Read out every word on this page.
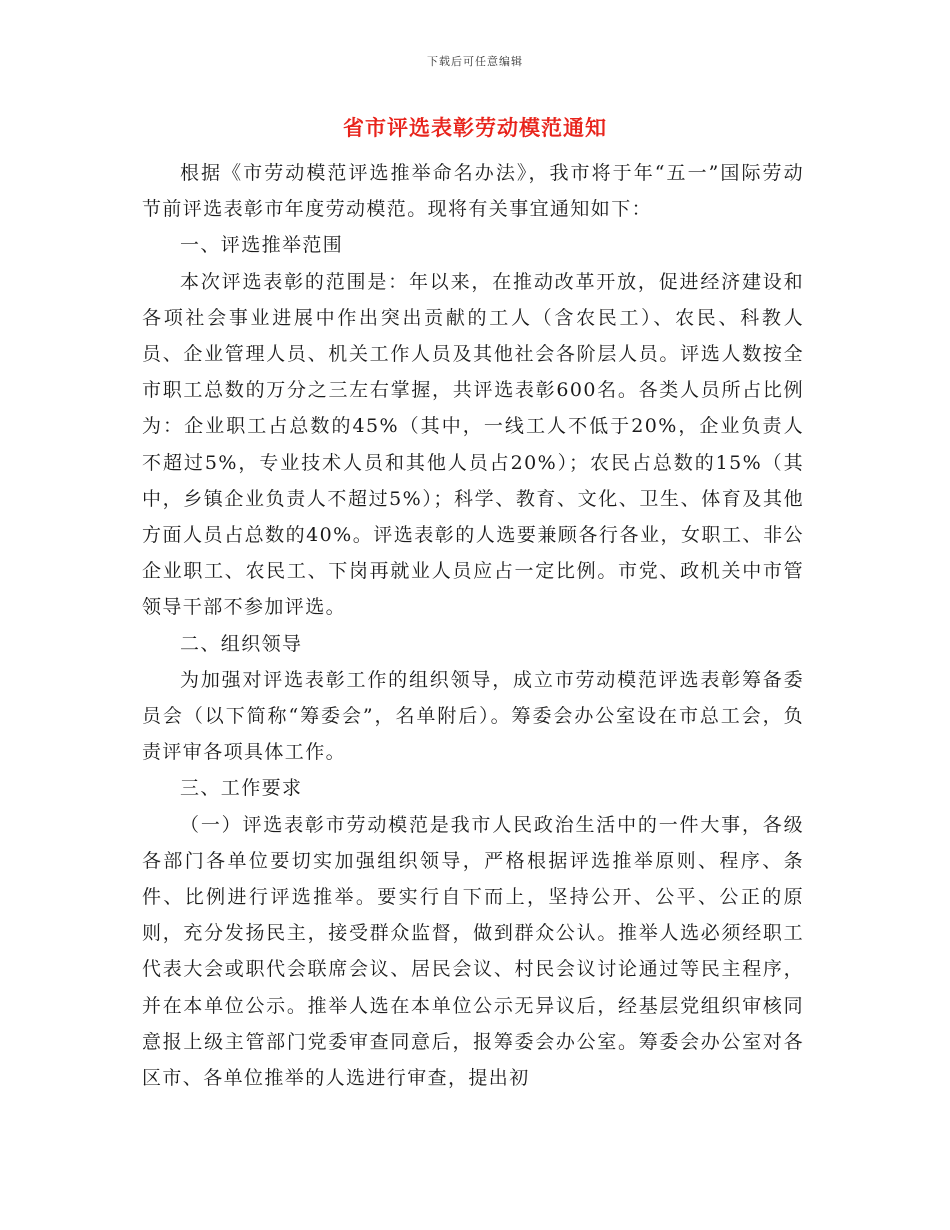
下载后可任意编辑
省市评选表彰劳动模范通知

根据《市劳动模范评选推举命名办法》，我市将于年“五一”国际劳动节前评选表彰市年度劳动模范。现将有关事宜通知如下：

一、评选推举范围

本次评选表彰的范围是：年以来，在推动改革开放，促进经济建设和各项社会事业进展中作出突出贡献的工人（含农民工）、农民、科教人员、企业管理人员、机关工作人员及其他社会各阶层人员。评选人数按全市职工总数的万分之三左右掌握，共评选表彰600名。各类人员所占比例为：企业职工占总数的45%（其中，一线工人不低于20%，企业负责人不超过5%，专业技术人员和其他人员占20%）；农民占总数的15%（其中，乡镇企业负责人不超过5%）；科学、教育、文化、卫生、体育及其他方面人员占总数的40%。评选表彰的人选要兼顾各行各业，女职工、非公企业职工、农民工、下岗再就业人员应占一定比例。市党、政机关中市管领导干部不参加评选。

二、组织领导

为加强对评选表彰工作的组织领导，成立市劳动模范评选表彰筹备委员会（以下简称“筹委会”，名单附后）。筹委会办公室设在市总工会，负责评审各项具体工作。

三、工作要求

（一）评选表彰市劳动模范是我市人民政治生活中的一件大事，各级各部门各单位要切实加强组织领导，严格根据评选推举原则、程序、条件、比例进行评选推举。要实行自下而上，坚持公开、公平、公正的原则，充分发扬民主，接受群众监督，做到群众公认。推举人选必须经职工代表大会或职代会联席会议、居民会议、村民会议讨论通过等民主程序，并在本单位公示。推举人选在本单位公示无异议后，经基层党组织审核同意报上级主管部门党委审查同意后，报筹委会办公室。筹委会办公室对各区市、各单位推举的人选进行审查，提出初
